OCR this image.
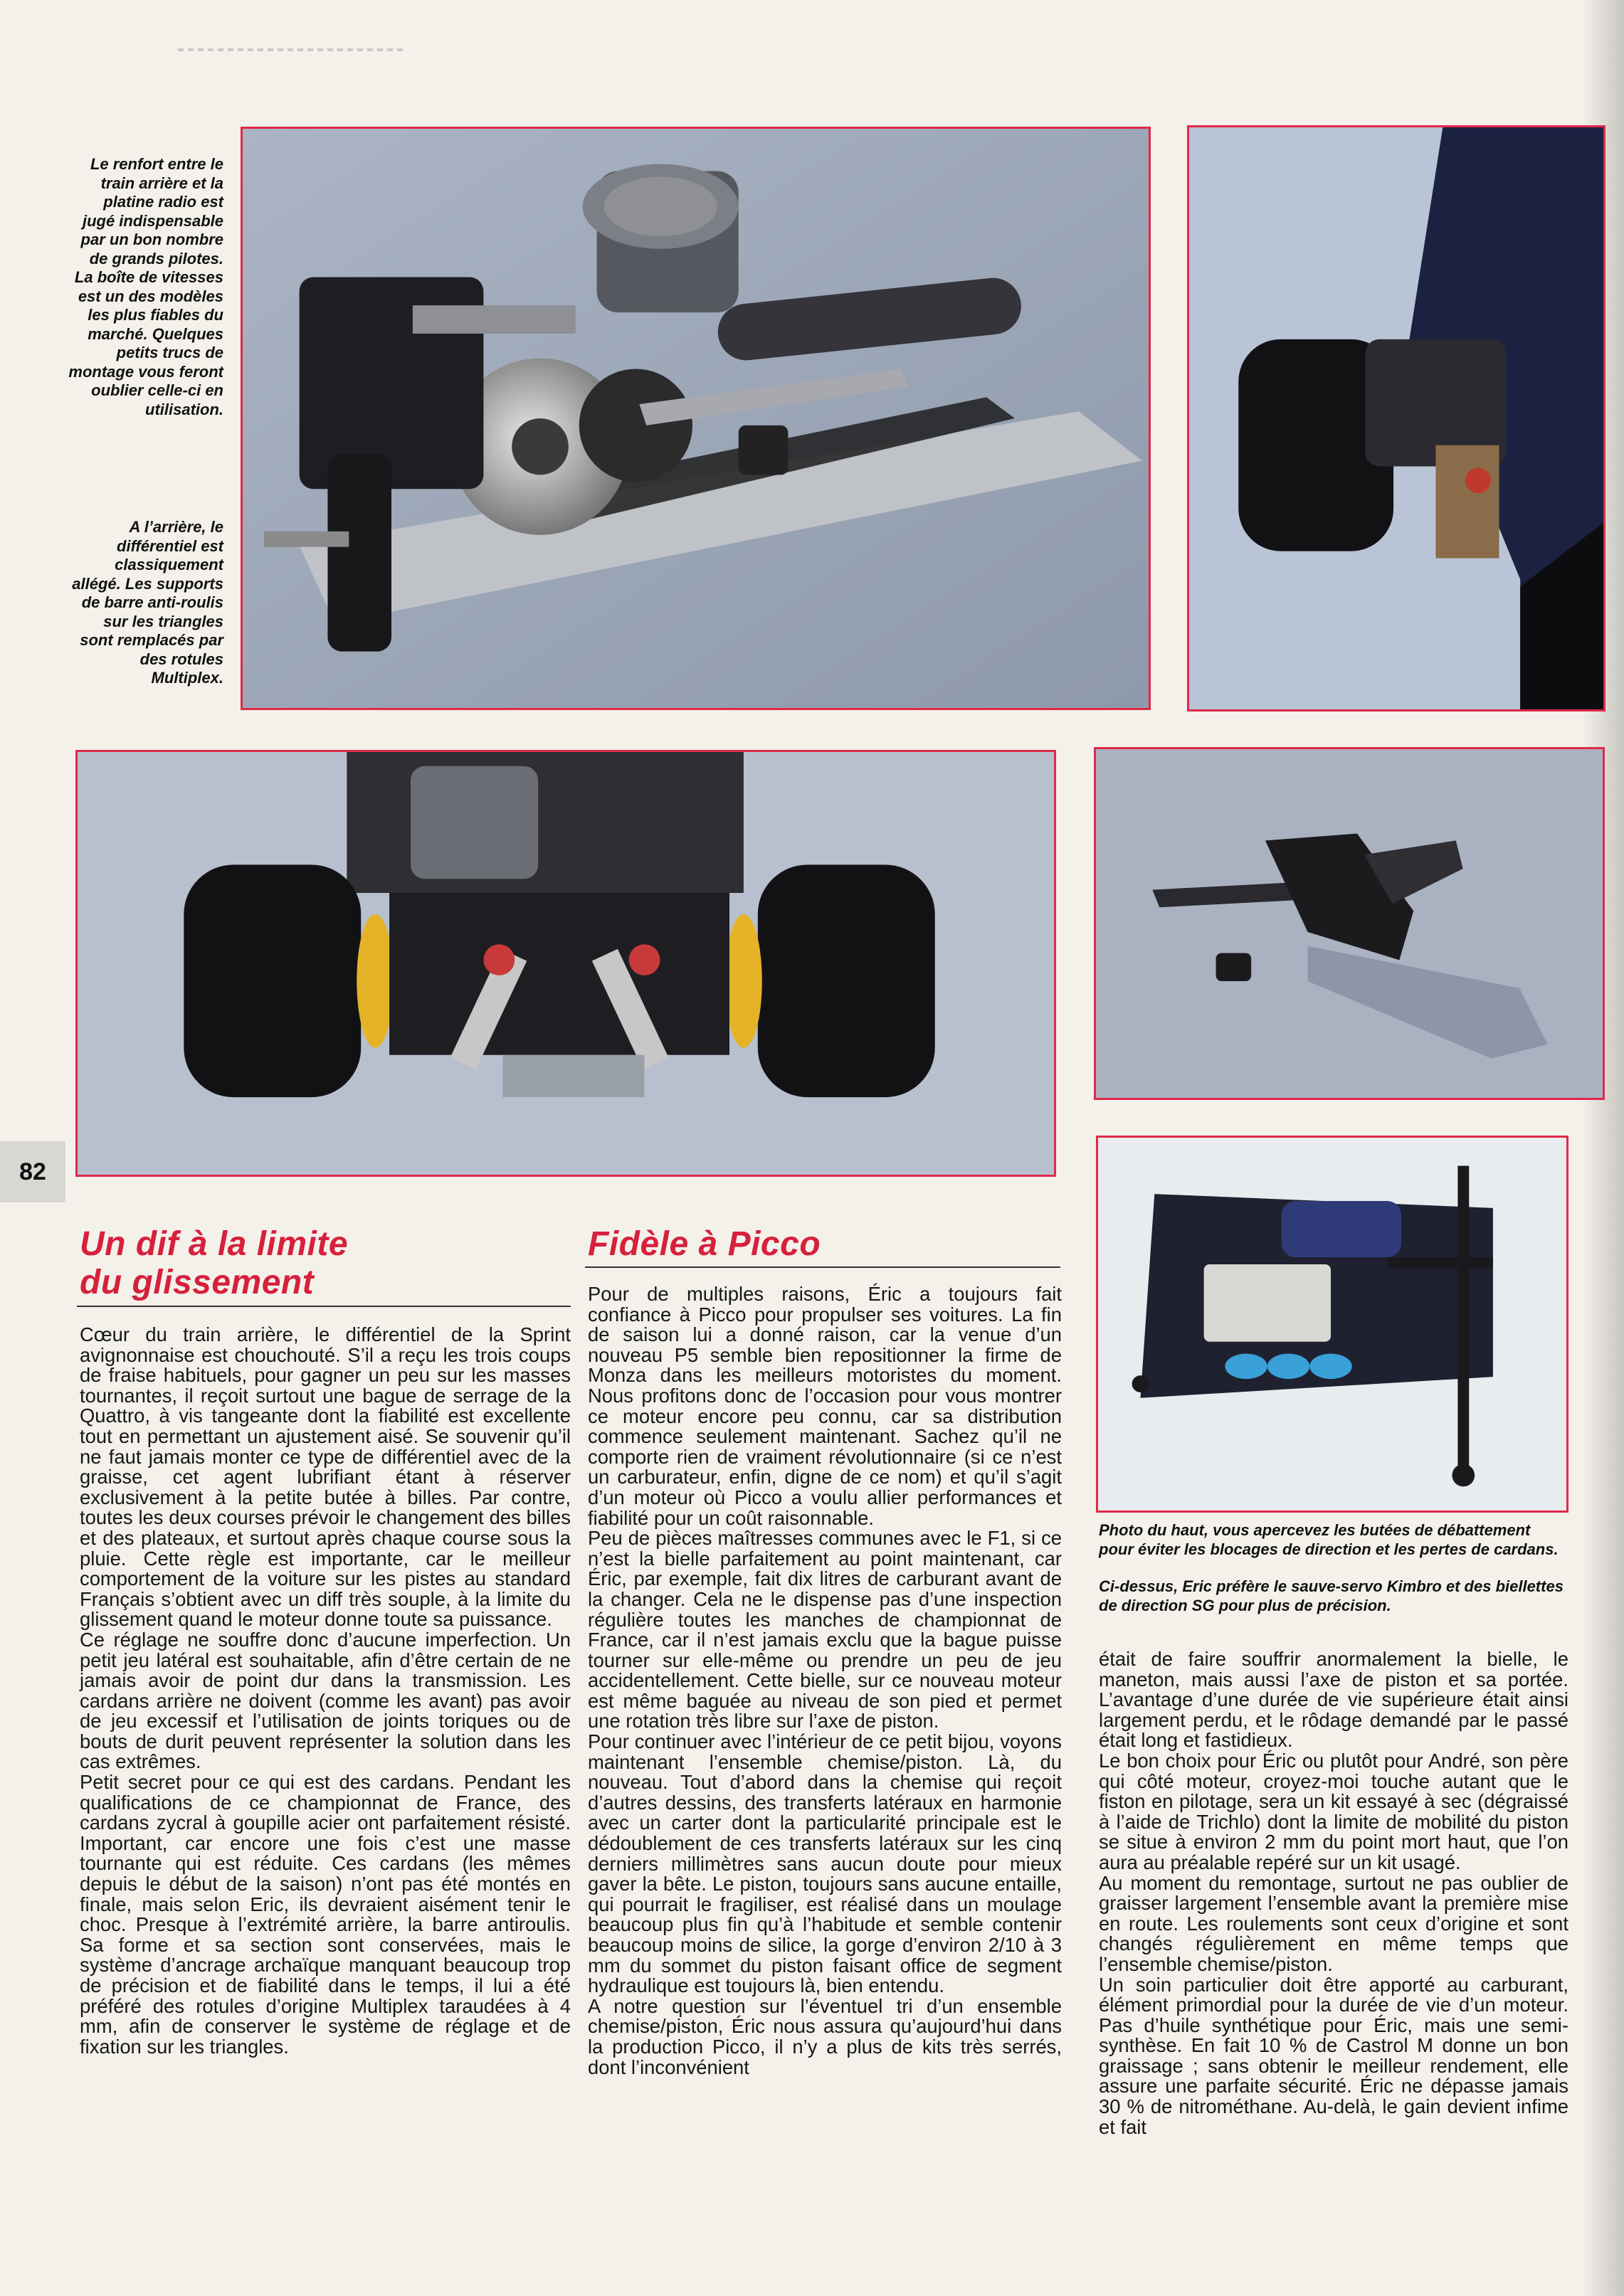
Le renfort entre le train arrière et la platine radio est jugé indispensable par un bon nombre de grands pilotes. La boîte de vitesses est un des modèles les plus fiables du marché. Quelques petits trucs de montage vous feront oublier celle-ci en utilisation.
A l’arrière, le différentiel est classiquement allégé. Les supports de barre anti-roulis sur les triangles sont remplacés par des rotules Multiplex.
Photo du haut, vous apercevez les butées de débattement pour éviter les blocages de direction et les pertes de cardans.
Ci-dessus, Eric préfère le sauve-servo Kimbro et des biellettes de direction SG pour plus de précision.
82
Un dif à la limite
du glissement

Cœur du train arrière, le différentiel de la Sprint avignonnaise est chouchouté. S’il a reçu les trois coups de fraise habituels, pour gagner un peu sur les masses tournantes, il reçoit surtout une bague de serrage de la Quattro, à vis tangeante dont la fiabilité est excellente tout en permettant un ajustement aisé. Se souvenir qu’il ne faut jamais monter ce type de différentiel avec de la graisse, cet agent lubrifiant étant à réserver exclusivement à la petite butée à billes. Par contre, toutes les deux courses prévoir le changement des billes et des plateaux, et surtout après chaque course sous la pluie. Cette règle est importante, car le meilleur comportement de la voiture sur les pistes au standard Français s’obtient avec un diff très souple, à la limite du glissement quand le moteur donne toute sa puissance.

Ce réglage ne souffre donc d’aucune imperfection. Un petit jeu latéral est souhaitable, afin d’être certain de ne jamais avoir de point dur dans la transmission. Les cardans arrière ne doivent (comme les avant) pas avoir de jeu excessif et l’utilisation de joints toriques ou de bouts de durit peuvent représenter la solution dans les cas extrêmes.

Petit secret pour ce qui est des cardans. Pendant les qualifications de ce championnat de France, des cardans zycral à goupille acier ont parfaitement résisté. Important, car encore une fois c’est une masse tournante qui est réduite. Ces cardans (les mêmes depuis le début de la saison) n’ont pas été montés en finale, mais selon Eric, ils devraient aisément tenir le choc. Presque à l’extrémité arrière, la barre antiroulis. Sa forme et sa section sont conservées, mais le système d’ancrage archaïque manquant beaucoup trop de précision et de fiabilité dans le temps, il lui a été préféré des rotules d’origine Multiplex taraudées à 4 mm, afin de conserver le système de réglage et de fixation sur les triangles.

Fidèle à Picco

Pour de multiples raisons, Éric a toujours fait confiance à Picco pour propulser ses voitures. La fin de saison lui a donné raison, car la venue d’un nouveau P5 semble bien repositionner la firme de Monza dans les meilleurs motoristes du moment. Nous profitons donc de l’occasion pour vous montrer ce moteur encore peu connu, car sa distribution commence seulement maintenant. Sachez qu’il ne comporte rien de vraiment révolutionnaire (si ce n’est un carburateur, enfin, digne de ce nom) et qu’il s’agit d’un moteur où Picco a voulu allier performances et fiabilité pour un coût raisonnable.

Peu de pièces maîtresses communes avec le F1, si ce n’est la bielle parfaitement au point maintenant, car Éric, par exemple, fait dix litres de carburant avant de la changer. Cela ne le dispense pas d’une inspection régulière toutes les manches de championnat de France, car il n’est jamais exclu que la bague puisse tourner sur elle-même ou prendre un peu de jeu accidentellement. Cette bielle, sur ce nouveau moteur est même baguée au niveau de son pied et permet une rotation très libre sur l’axe de piston.

Pour continuer avec l’intérieur de ce petit bijou, voyons maintenant l’ensemble chemise/piston. Là, du nouveau. Tout d’abord dans la chemise qui reçoit d’autres dessins, des transferts latéraux en harmonie avec un carter dont la particularité principale est le dédoublement de ces transferts latéraux sur les cinq derniers millimètres sans aucun doute pour mieux gaver la bête. Le piston, toujours sans aucune entaille, qui pourrait le fragiliser, est réalisé dans un moulage beaucoup plus fin qu’à l’habitude et semble contenir beaucoup moins de silice, la gorge d’environ 2/10 à 3 mm du sommet du piston faisant office de segment hydraulique est toujours là, bien entendu.

A notre question sur l’éventuel tri d’un ensemble chemise/piston, Éric nous assura qu’aujourd’hui dans la production Picco, il n’y a plus de kits très serrés, dont l’inconvénient

était de faire souffrir anormalement la bielle, le maneton, mais aussi l’axe de piston et sa portée. L’avantage d’une durée de vie supérieure était ainsi largement perdu, et le rôdage demandé par le passé était long et fastidieux.

Le bon choix pour Éric ou plutôt pour André, son père qui côté moteur, croyez-moi touche autant que le fiston en pilotage, sera un kit essayé à sec (dégraissé à l’aide de Trichlo) dont la limite de mobilité du piston se situe à environ 2 mm du point mort haut, que l’on aura au préalable repéré sur un kit usagé.

Au moment du remontage, surtout ne pas oublier de graisser largement l’ensemble avant la première mise en route. Les roulements sont ceux d’origine et sont changés régulièrement en même temps que l’ensemble chemise/piston.

Un soin particulier doit être apporté au carburant, élément primordial pour la durée de vie d’un moteur. Pas d’huile synthétique pour Éric, mais une semi-synthèse. En fait 10 % de Castrol M donne un bon graissage ; sans obtenir le meilleur rendement, elle assure une parfaite sécurité. Éric ne dépasse jamais 30 % de nitrométhane. Au-delà, le gain devient infime et fait
